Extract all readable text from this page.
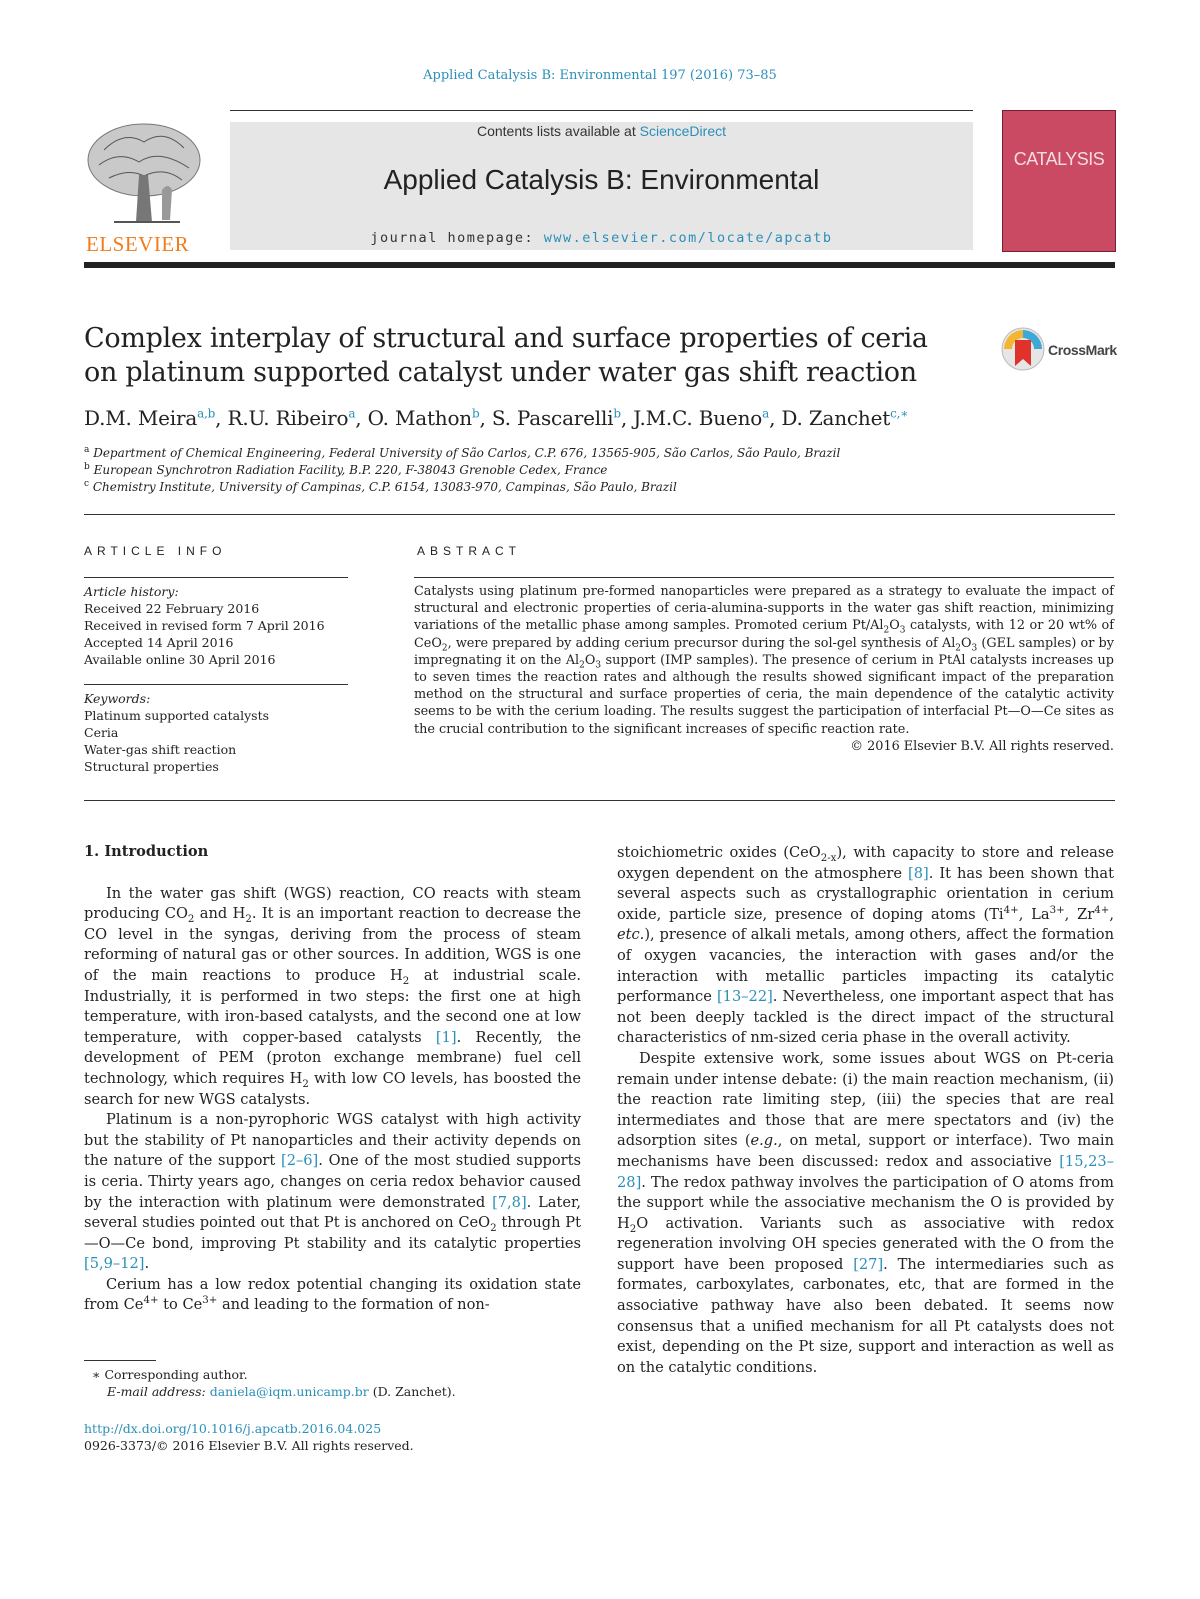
Applied Catalysis B: Environmental 197 (2016) 73–85
ELSEVIER
Contents lists available at ScienceDirect
Applied Catalysis B: Environmental
journal homepage: www.elsevier.com/locate/apcatb
CATALYSIS
Complex interplay of structural and surface properties of ceria on platinum supported catalyst under water gas shift reaction
CrossMark
D.M. Meira$^{a,b}$, R.U. Ribeiro$^a$, O. Mathon$^b$, S. Pascarelli$^b$, J.M.C. Bueno$^a$, D. Zanchet$^{c,∗}$
$^a$ Department of Chemical Engineering, Federal University of São Carlos, C.P. 676, 13565-905, São Carlos, São Paulo, Brazil
$^b$ European Synchrotron Radiation Facility, B.P. 220, F-38043 Grenoble Cedex, France
$^c$ Chemistry Institute, University of Campinas, C.P. 6154, 13083-970, Campinas, São Paulo, Brazil
ARTICLE INFO	ABSTRACT
Article history:
Received 22 February 2016
Received in revised form 7 April 2016
Accepted 14 April 2016
Available online 30 April 2016
Keywords:
Platinum supported catalysts
Ceria
Water-gas shift reaction
Structural properties
Catalysts using platinum pre-formed nanoparticles were prepared as a strategy to evaluate the impact of structural and electronic properties of ceria-alumina-supports in the water gas shift reaction, minimizing variations of the metallic phase among samples. Promoted cerium $Pt/Al_2O_3$ catalysts, with 12 or 20 wt% of CeO$_2$, were prepared by adding cerium precursor during the sol-gel synthesis of $Al_2O_3$ (GEL samples) or by impregnating it on the $Al_2O_3$ support (IMP samples). The presence of cerium in PtAl catalysts increases up to seven times the reaction rates and although the results showed significant impact of the preparation method on the structural and surface properties of ceria, the main dependence of the catalytic activity seems to be with the cerium loading. The results suggest the participation of interfacial Pt—O—Ce sites as the crucial contribution to the significant increases of specific reaction rate.
© 2016 Elsevier B.V. All rights reserved.

1. Introduction

In the water gas shift (WGS) reaction, CO reacts with steam producing $CO_2$ and $H_2$. It is an important reaction to decrease the CO level in the syngas, deriving from the process of steam reforming of natural gas or other sources. In addition, WGS is one of the main reactions to produce $H_2$ at industrial scale. Industrially, it is performed in two steps: the first one at high temperature, with iron-based catalysts, and the second one at low temperature, with copper-based catalysts [1]. Recently, the development of PEM (proton exchange membrane) fuel cell technology, which requires $H_2$ with low CO levels, has boosted the search for new WGS catalysts.

Platinum is a non-pyrophoric WGS catalyst with high activity but the stability of Pt nanoparticles and their activity depends on the nature of the support [2–6]. One of the most studied supports is ceria. Thirty years ago, changes on ceria redox behavior caused by the interaction with platinum were demonstrated [7,8]. Later, several studies pointed out that Pt is anchored on CeO$_2$ through Pt—O—Ce bond, improving Pt stability and its catalytic properties [5,9–12].

Cerium has a low redox potential changing its oxidation state from $Ce^{4+}$ to $Ce^{3+}$ and leading to the formation of non-

stoichiometric oxides (CeO$_{2-x}$), with capacity to store and release oxygen dependent on the atmosphere [8]. It has been shown that several aspects such as crystallographic orientation in cerium oxide, particle size, presence of doping atoms ($Ti^{4+}$, $La^{3+}$, $Zr^{4+}$, etc.), presence of alkali metals, among others, affect the formation of oxygen vacancies, the interaction with gases and/or the interaction with metallic particles impacting its catalytic performance [13–22]. Nevertheless, one important aspect that has not been deeply tackled is the direct impact of the structural characteristics of nm-sized ceria phase in the overall activity.

Despite extensive work, some issues about WGS on Pt-ceria remain under intense debate: (i) the main reaction mechanism, (ii) the reaction rate limiting step, (iii) the species that are real intermediates and those that are mere spectators and (iv) the adsorption sites (e.g., on metal, support or interface). Two main mechanisms have been discussed: redox and associative [15,23–28]. The redox pathway involves the participation of O atoms from the support while the associative mechanism the O is provided by $H_2O$ activation. Variants such as associative with redox regeneration involving OH species generated with the O from the support have been proposed [27]. The intermediaries such as formates, carboxylates, carbonates, etc, that are formed in the associative pathway have also been debated. It seems now consensus that a unified mechanism for all Pt catalysts does not exist, depending on the Pt size, support and interaction as well as on the catalytic conditions.

∗ Corresponding author.
E-mail address: daniela@iqm.unicamp.br (D. Zanchet).
http://dx.doi.org/10.1016/j.apcatb.2016.04.025
0926-3373/© 2016 Elsevier B.V. All rights reserved.
